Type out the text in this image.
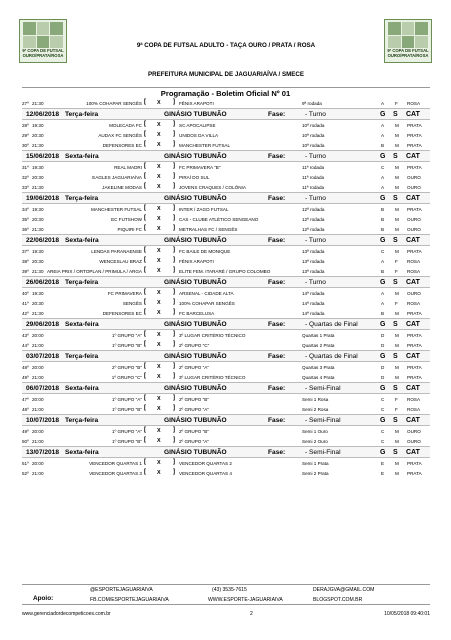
9ª COPA DE FUTSAL
OURO/PRATA/ROSA
9ª COPA DE FUTSAL
OURO/PRATA/ROSA
9ª COPA DE FUTSAL ADULTO - TAÇA OURO / PRATA / ROSA
PREFEITURA MUNICIPAL DE JAGUARIAÍVA / SMECE
Programação - Boletim Oficial Nº 01
27º 21:30	100% COHAPAR SENGÊS [ X ] FÊNIX ARAPOTI	9ª rodada	A F ROSA
12/06/2018 Terça-feira	GINÁSIO TUBUNÃO	Fase:	- Turno	G S CAT
28º 19:30	MOLECADA FC [ X ] SC APOCALIPSE	10ª rodada	A M PRATA
29º 20:30	AUDAX FC SENGÊS [ X ] UNIDOS DA VILLA	10ª rodada	A M PRATA
30º 21:30	DEFENSORES EC [ X ] MANCHESTER FUTSAL	10ª rodada	B M PRATA
15/06/2018 Sexta-feira	GINÁSIO TUBUNÃO	Fase:	- Turno	G S CAT
31º 19:30	REAL MADRI [ X ] FC PRIMAVERA "B"	11ª rodada	C M PRATA
32º 20:30	EAGLES JAGUARIAÍVA [ X ] PIRAÍ DO SUL	11ª rodada	A M OURO
33º 21:30	JAKELINE MODAS [ X ] JOVENS CRAQUES / COLÔNIA	11ª rodada	A M OURO
19/06/2018 Terça-feira	GINÁSIO TUBUNÃO	Fase:	- Turno	G S CAT
34º 19:30	MANCHESTER FUTSAL [ X ] INTER / ZAGO FUTSAL	12ª rodada	B M PRATA
35º 20:30	EC FUTSHOW [ X ] CAS - CLUBE ATLÉTICO SENGEANO	12ª rodada	B M OURO
36º 21:30	PIQUIRI FC [ X ] METRALHAS FC / SENGÊS	12ª rodada	B M OURO
22/06/2018 Sexta-feira	GINÁSIO TUBUNÃO	Fase:	- Turno	G S CAT
37º 19:30	LENDAS PARANAENSE [ X ] FC BAILE DE MONIQUE	13ª rodada	C M PRATA
38º 20:30	WENCESLAU BRAZ [ X ] FÊNIX ARAPOTI	13ª rodada	A F ROSA
39º 21:30 AREIA PRIX / ORTOPLAN / PRIMULA / ARGA [ X ] ELITE FEM. ITARARÉ / GRUPO COLOMBO	13ª rodada	B F ROSA
26/06/2018 Terça-feira	GINÁSIO TUBUNÃO	Fase:	- Turno	G S CAT
40º 19:30	FC PRIMAVERA [ X ] ARSENAL - CIDADE ALTA	14ª rodada	A M OURO
41º 20:30	SENGÊS [ X ] 100% COHAPAR SENGÊS	14ª rodada	A F ROSA
42º 21:30	DEFENSORES EC [ X ] FC BARCELUSA	14ª rodada	B M PRATA
29/06/2018 Sexta-feira	GINÁSIO TUBUNÃO	Fase:	- Quartas de Final	G S CAT
43º 20:00	1º GRUPO "A" [ X ] 3º LUGAR CRITÉRIO TÉCNICO	Quartas 1 Prata	D M PRATA
44º 21:00	1º GRUPO "B" [ X ] 2º GRUPO "C"	Quartas 2 Prata	D M PRATA
03/07/2018 Terça-feira	GINÁSIO TUBUNÃO	Fase:	- Quartas de Final	G S CAT
48º 20:00	2º GRUPO "B" [ X ] 2º GRUPO "A"	Quartas 3 Prata	D M PRATA
49º 21:00	1º GRUPO "C" [ X ] 3º LUGAR CRITÉRIO TÉCNICO	Quartas 4 Prata	D M PRATA
06/07/2018 Sexta-feira	GINÁSIO TUBUNÃO	Fase:	- Semi-Final	G S CAT
47º 20:00	1º GRUPO "A" [ X ] 2º GRUPO "B"	Semi 1 Rosa	C F ROSA
48º 21:00	1º GRUPO "B" [ X ] 2º GRUPO "A"	Semi 2 Rosa	C F ROSA
10/07/2018 Terça-feira	GINÁSIO TUBUNÃO	Fase:	- Semi-Final	G S CAT
49º 20:00	1º GRUPO "A" [ X ] 2º GRUPO "B"	Semi 1 Ouro	C M OURO
50º 21:00	1º GRUPO "B" [ X ] 2º GRUPO "A"	Semi 2 Ouro	C M OURO
13/07/2018 Sexta-feira	GINÁSIO TUBUNÃO	Fase:	- Semi-Final	G S CAT
51º 20:00	VENCEDOR QUARTAS 1 [ X ] VENCEDOR QUARTAS 2	Semi 1 Prata	E M PRATA
52º 21:00	VENCEDOR QUARTAS 3 [ X ] VENCEDOR QUARTAS 4	Semi 2 Prata	E M PRATA
Apoio:
@ESPORTEJAGUARIAIVA	(43) 3535-7615	DERAJGVA@GMAIL.COM
FB.COM/ESPORTEJAGUARIAIVA	WWW.ESPORTE-JAGUARIAIVA	BLOGSPOT.COM.BR
www.gerenciadordecompeticoes.com.br	2	10/05/2018 09:40:01
